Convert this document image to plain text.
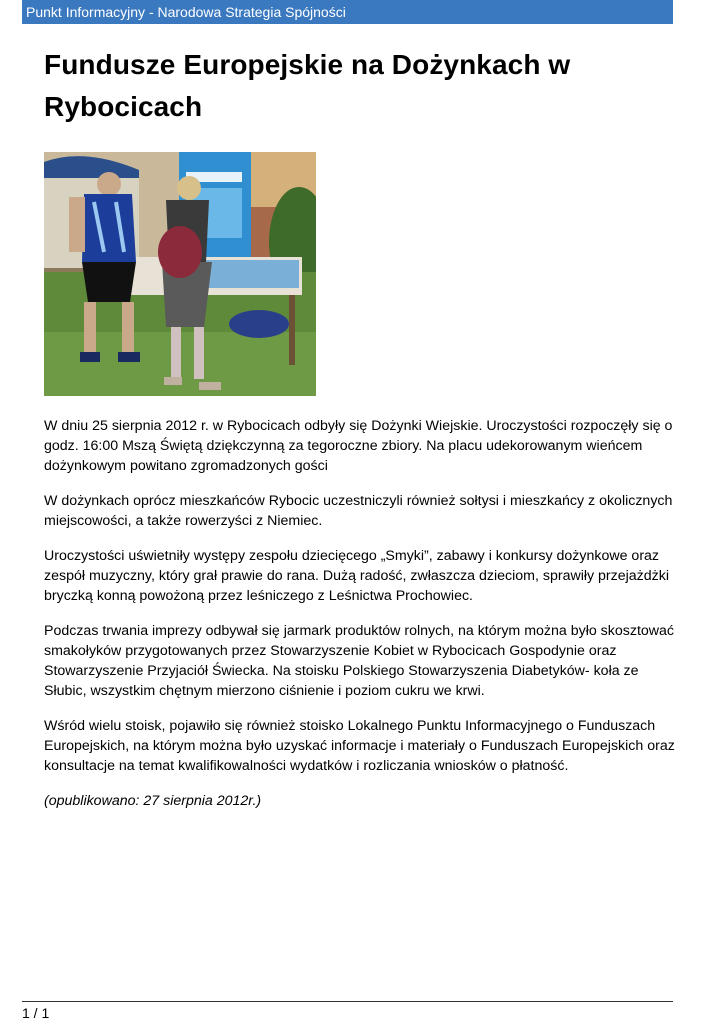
Punkt Informacyjny - Narodowa Strategia Spójności
Fundusze Europejskie na Dożynkach w Rybocicach

W dniu 25 sierpnia 2012 r. w Rybocicach odbyły się Dożynki Wiejskie. Uroczystości rozpoczęły się o godz. 16:00 Mszą Świętą dziękczynną za tegoroczne zbiory. Na placu udekorowanym wieńcem dożynkowym powitano zgromadzonych gości

W dożynkach oprócz mieszkańców Rybocic uczestniczyli również sołtysi i mieszkańcy z okolicznych miejscowości, a także rowerzyści z Niemiec.

Uroczystości uświetniły występy zespołu dziecięcego „Smyki”, zabawy i konkursy dożynkowe oraz zespół muzyczny, który grał prawie do rana. Dużą radość, zwłaszcza dzieciom, sprawiły przejażdżki bryczką konną powożoną przez leśniczego z Leśnictwa Prochowiec.

Podczas trwania imprezy odbywał się jarmark produktów rolnych, na którym można było skosztować smakołyków przygotowanych przez Stowarzyszenie Kobiet w Rybocicach Gospodynie oraz Stowarzyszenie Przyjaciół Świecka. Na stoisku Polskiego Stowarzyszenia Diabetyków- koła ze Słubic, wszystkim chętnym mierzono ciśnienie i poziom cukru we krwi.

Wśród wielu stoisk, pojawiło się również stoisko Lokalnego Punktu Informacyjnego o Funduszach Europejskich, na którym można było uzyskać informacje i materiały o Funduszach Europejskich oraz konsultacje na temat kwalifikowalności wydatków i rozliczania wniosków o płatność.

(opublikowano: 27 sierpnia 2012r.)

1 / 1
